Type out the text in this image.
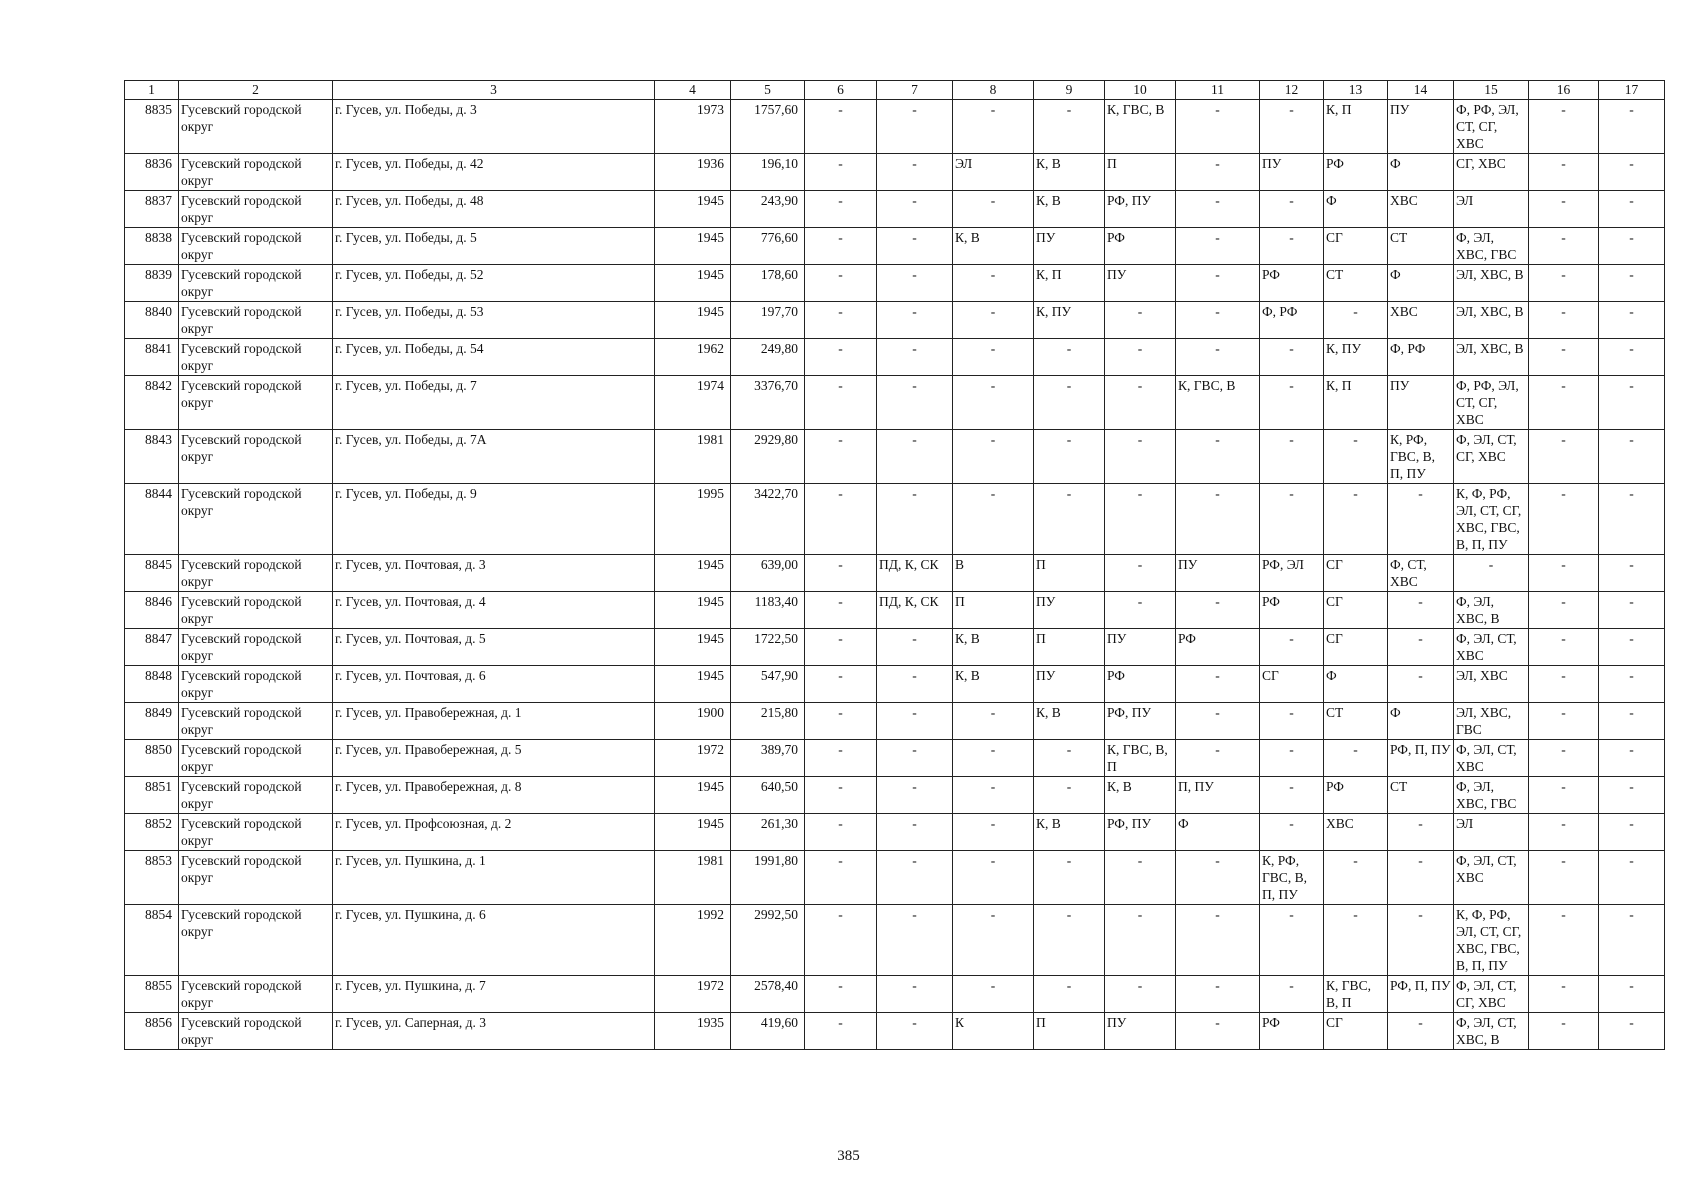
1	2	3	4	5	6	7	8	9	10	11	12	13	14	15	16	17
8835	Гусевский городской округ	г. Гусев, ул. Победы, д. 3	1973	1757,60	-	-	-	-	К, ГВС, В	-	-	К, П	ПУ	Ф, РФ, ЭЛ, СТ, СГ, ХВС	-	-
8836	Гусевский городской округ	г. Гусев, ул. Победы, д. 42	1936	196,10	-	-	ЭЛ	К, В	П	-	ПУ	РФ	Ф	СГ, ХВС	-	-
8837	Гусевский городской округ	г. Гусев, ул. Победы, д. 48	1945	243,90	-	-	-	К, В	РФ, ПУ	-	-	Ф	ХВС	ЭЛ	-	-
8838	Гусевский городской округ	г. Гусев, ул. Победы, д. 5	1945	776,60	-	-	К, В	ПУ	РФ	-	-	СГ	СТ	Ф, ЭЛ, ХВС, ГВС	-	-
8839	Гусевский городской округ	г. Гусев, ул. Победы, д. 52	1945	178,60	-	-	-	К, П	ПУ	-	РФ	СТ	Ф	ЭЛ, ХВС, В	-	-
8840	Гусевский городской округ	г. Гусев, ул. Победы, д. 53	1945	197,70	-	-	-	К, ПУ	-	-	Ф, РФ	-	ХВС	ЭЛ, ХВС, В	-	-
8841	Гусевский городской округ	г. Гусев, ул. Победы, д. 54	1962	249,80	-	-	-	-	-	-	-	К, ПУ	Ф, РФ	ЭЛ, ХВС, В	-	-
8842	Гусевский городской округ	г. Гусев, ул. Победы, д. 7	1974	3376,70	-	-	-	-	-	К, ГВС, В	-	К, П	ПУ	Ф, РФ, ЭЛ, СТ, СГ, ХВС	-	-
8843	Гусевский городской округ	г. Гусев, ул. Победы, д. 7А	1981	2929,80	-	-	-	-	-	-	-	-	К, РФ, ГВС, В, П, ПУ	Ф, ЭЛ, СТ, СГ, ХВС	-	-
8844	Гусевский городской округ	г. Гусев, ул. Победы, д. 9	1995	3422,70	-	-	-	-	-	-	-	-	-	К, Ф, РФ, ЭЛ, СТ, СГ, ХВС, ГВС, В, П, ПУ	-	-
8845	Гусевский городской округ	г. Гусев, ул. Почтовая, д. 3	1945	639,00	-	ПД, К, СК	В	П	-	ПУ	РФ, ЭЛ	СГ	Ф, СТ, ХВС	-	-	-
8846	Гусевский городской округ	г. Гусев, ул. Почтовая, д. 4	1945	1183,40	-	ПД, К, СК	П	ПУ	-	-	РФ	СГ	-	Ф, ЭЛ, ХВС, В	-	-
8847	Гусевский городской округ	г. Гусев, ул. Почтовая, д. 5	1945	1722,50	-	-	К, В	П	ПУ	РФ	-	СГ	-	Ф, ЭЛ, СТ, ХВС	-	-
8848	Гусевский городской округ	г. Гусев, ул. Почтовая, д. 6	1945	547,90	-	-	К, В	ПУ	РФ	-	СГ	Ф	-	ЭЛ, ХВС	-	-
8849	Гусевский городской округ	г. Гусев, ул. Правобережная, д. 1	1900	215,80	-	-	-	К, В	РФ, ПУ	-	-	СТ	Ф	ЭЛ, ХВС, ГВС	-	-
8850	Гусевский городской округ	г. Гусев, ул. Правобережная, д. 5	1972	389,70	-	-	-	-	К, ГВС, В, П	-	-	-	РФ, П, ПУ	Ф, ЭЛ, СТ, ХВС	-	-
8851	Гусевский городской округ	г. Гусев, ул. Правобережная, д. 8	1945	640,50	-	-	-	-	К, В	П, ПУ	-	РФ	СТ	Ф, ЭЛ, ХВС, ГВС	-	-
8852	Гусевский городской округ	г. Гусев, ул. Профсоюзная, д. 2	1945	261,30	-	-	-	К, В	РФ, ПУ	Ф	-	ХВС	-	ЭЛ	-	-
8853	Гусевский городской округ	г. Гусев, ул. Пушкина, д. 1	1981	1991,80	-	-	-	-	-	-	К, РФ, ГВС, В, П, ПУ	-	-	Ф, ЭЛ, СТ, ХВС	-	-
8854	Гусевский городской округ	г. Гусев, ул. Пушкина, д. 6	1992	2992,50	-	-	-	-	-	-	-	-	-	К, Ф, РФ, ЭЛ, СТ, СГ, ХВС, ГВС, В, П, ПУ	-	-
8855	Гусевский городской округ	г. Гусев, ул. Пушкина, д. 7	1972	2578,40	-	-	-	-	-	-	-	К, ГВС, В, П	РФ, П, ПУ	Ф, ЭЛ, СТ, СГ, ХВС	-	-
8856	Гусевский городской округ	г. Гусев, ул. Саперная, д. 3	1935	419,60	-	-	К	П	ПУ	-	РФ	СГ	-	Ф, ЭЛ, СТ, ХВС, В	-	-
385
